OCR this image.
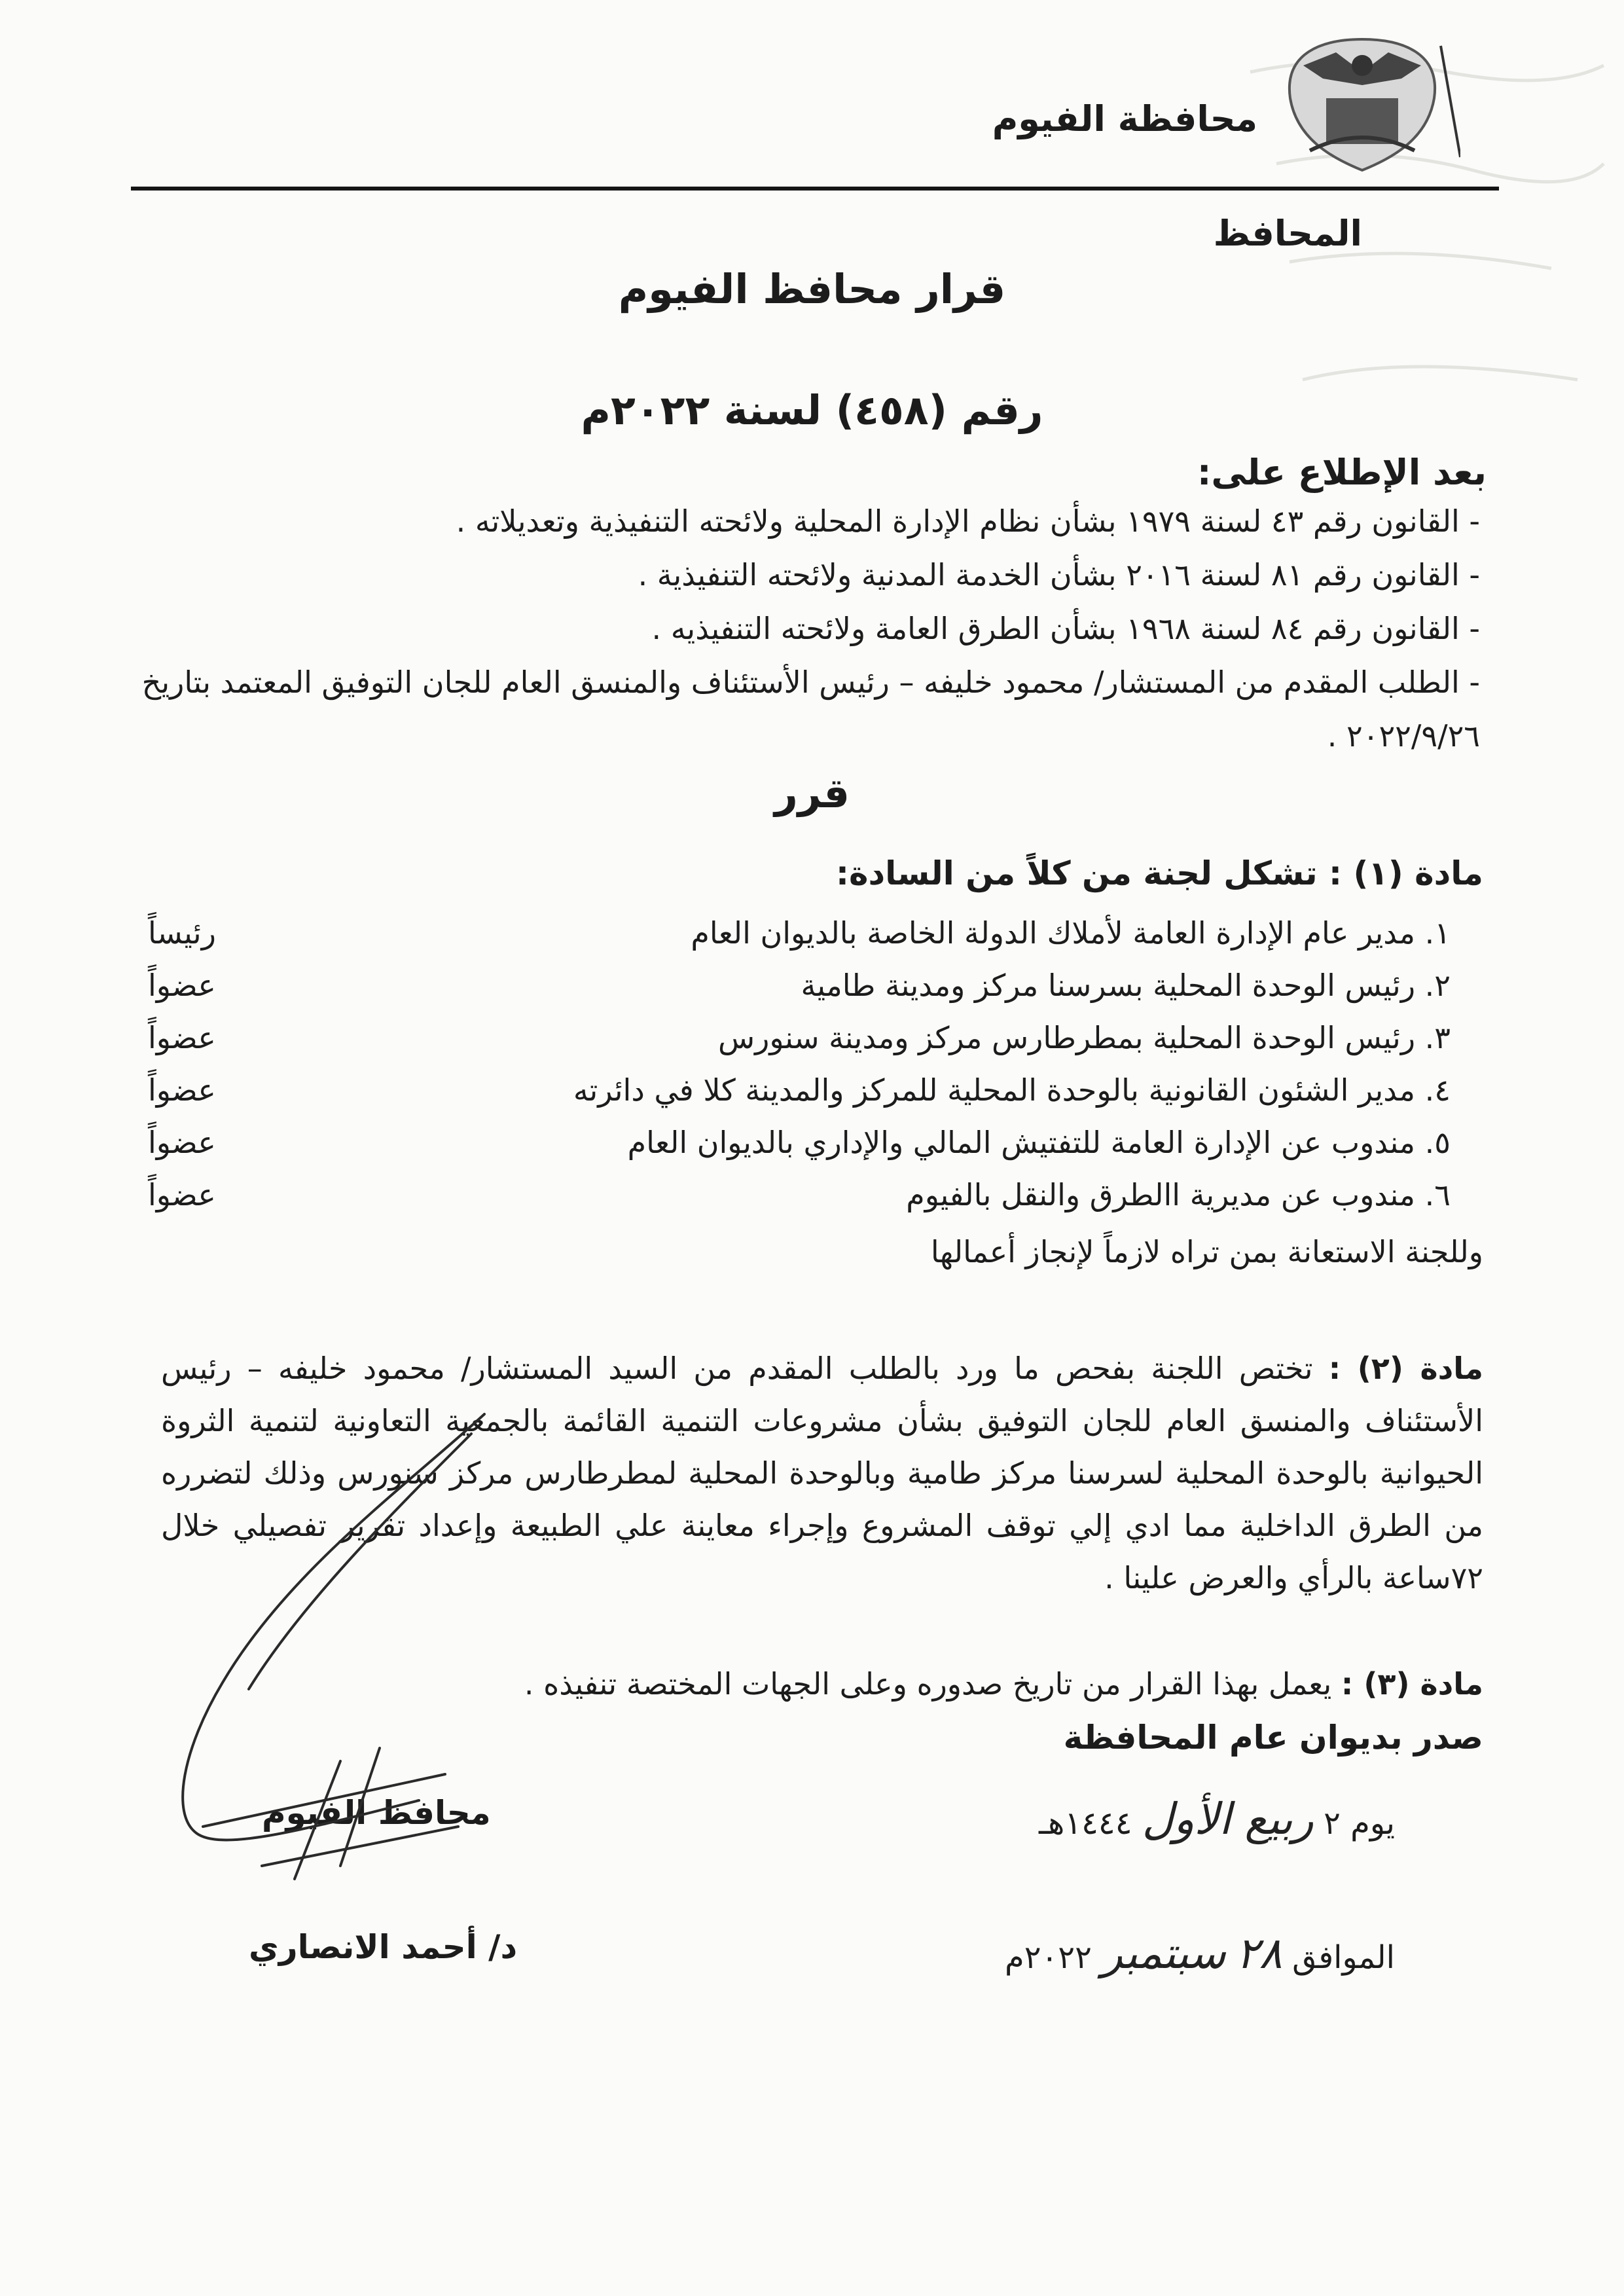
محافظة الفيوم
المحافظ
قرار محافظ الفيوم
رقم (٤٥٨) لسنة ٢٠٢٢م
بعد الإطلاع على:
- القانون رقم ٤٣ لسنة ١٩٧٩ بشأن نظام الإدارة المحلية ولائحته التنفيذية وتعديلاته .
- القانون رقم ٨١ لسنة ٢٠١٦ بشأن الخدمة المدنية ولائحته التنفيذية .
- القانون رقم ٨٤ لسنة ١٩٦٨ بشأن الطرق العامة ولائحته التنفيذيه .
- الطلب المقدم من المستشار/ محمود خليفه – رئيس الأستئناف والمنسق العام للجان التوفيق المعتمد بتاريخ
٢٠٢٢/٩/٢٦ .
قرر
مادة (١) : تشكل لجنة من كلاً من السادة:
١. مدير عام الإدارة العامة لأملاك الدولة الخاصة بالديوان العام
رئيساً
٢. رئيس الوحدة المحلية بسرسنا مركز ومدينة طامية
عضواً
٣. رئيس الوحدة المحلية بمطرطارس مركز ومدينة سنورس
عضواً
٤. مدير الشئون القانونية بالوحدة المحلية للمركز والمدينة كلا في دائرته
عضواً
٥. مندوب عن الإدارة العامة للتفتيش المالي والإداري بالديوان العام
عضواً
٦. مندوب عن مديرية االطرق والنقل بالفيوم
عضواً
وللجنة الاستعانة بمن تراه لازماً لإنجاز أعمالها
مادة (٢) : تختص اللجنة بفحص ما ورد بالطلب المقدم من السيد المستشار/ محمود خليفه – رئيس الأستئناف والمنسق العام للجان التوفيق بشأن مشروعات التنمية القائمة بالجمعية التعاونية لتنمية الثروة الحيوانية بالوحدة المحلية لسرسنا مركز طامية وبالوحدة المحلية لمطرطارس مركز سنورس وذلك لتضرره من الطرق الداخلية مما ادي إلي توقف المشروع وإجراء معاينة علي الطبيعة وإعداد تقرير تفصيلي خلال ٧٢ساعة بالرأي والعرض علينا .
مادة (٣) : يعمل بهذا القرار من تاريخ صدوره وعلى الجهات المختصة تنفيذه .
صدر بديوان عام المحافظة
يوم ٢ ربيع الأول ١٤٤٤هـ
الموافق ٢٨ سبتمبر ٢٠٢٢م
محافظ الفيوم
د/ أحمد الانصاري
